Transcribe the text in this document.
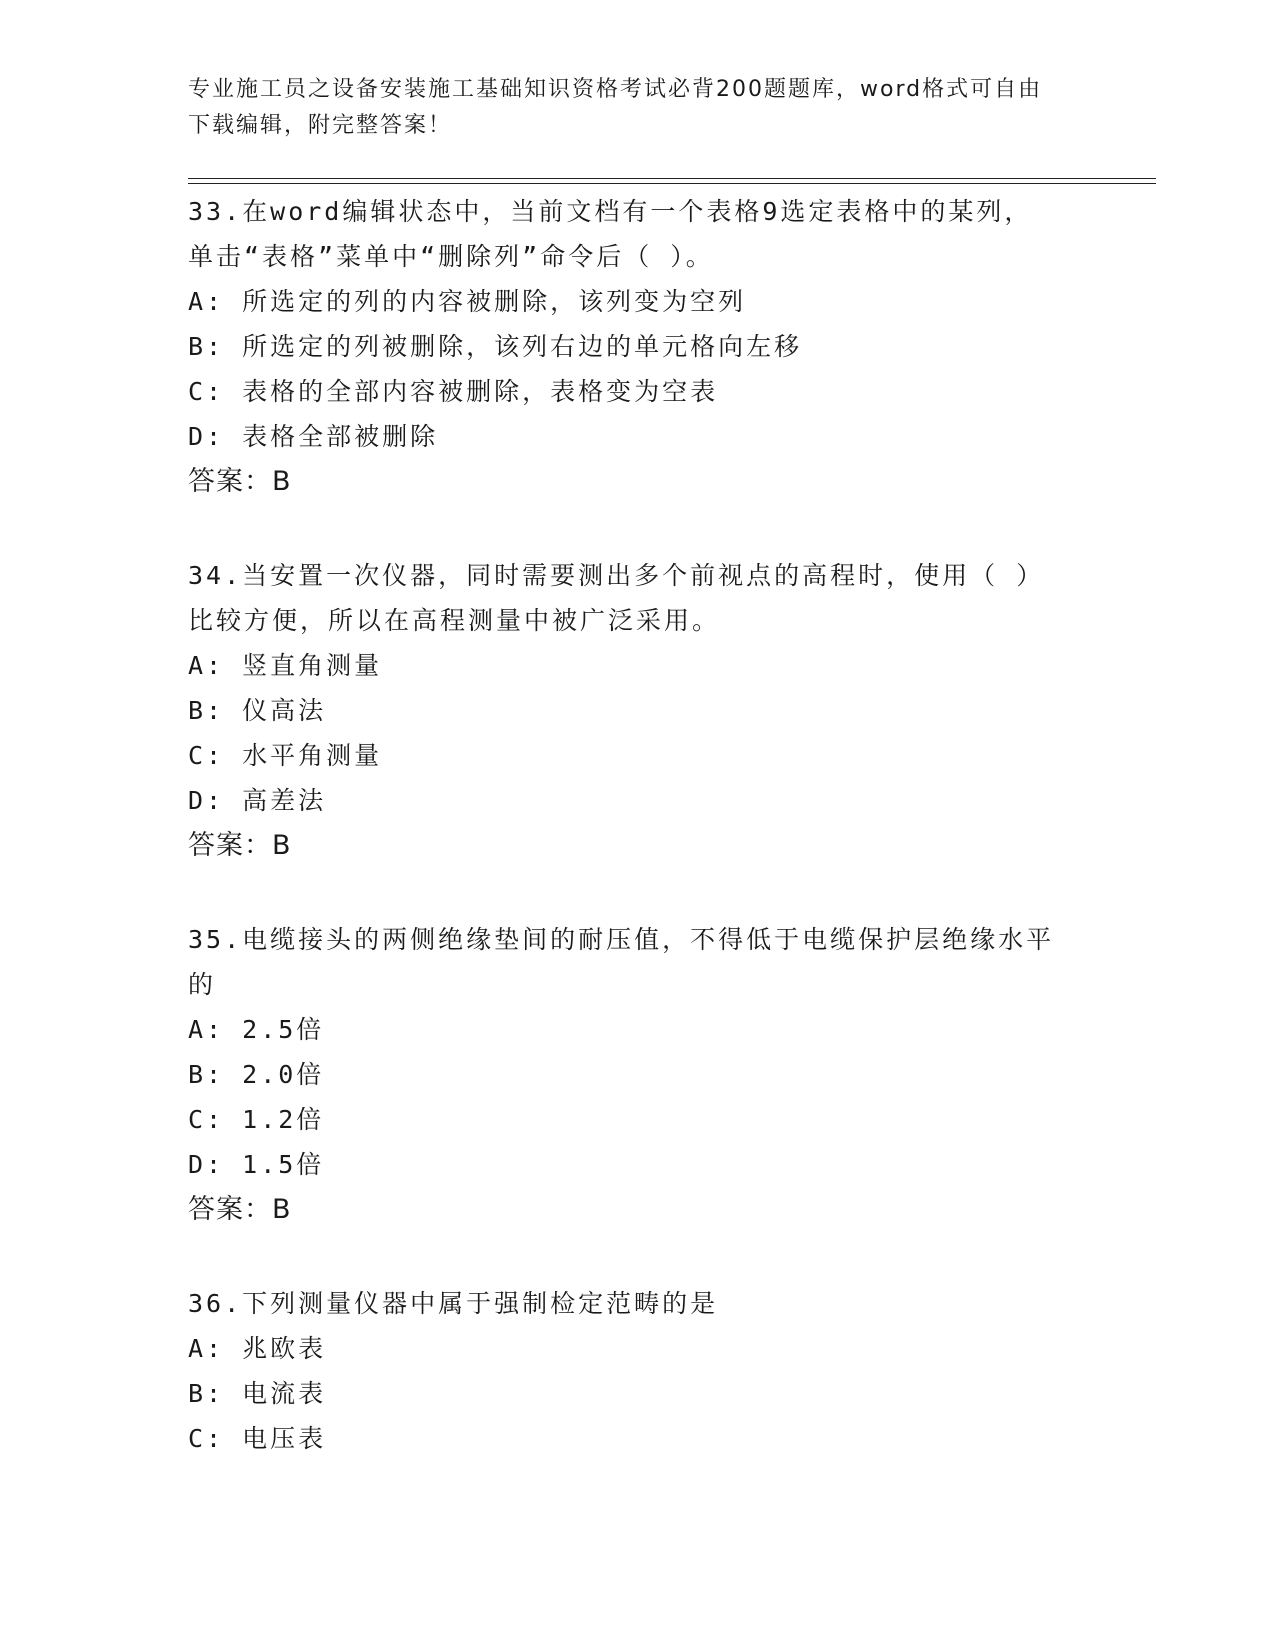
专业施工员之设备安装施工基础知识资格考试必背200题题库，word格式可自由
下载编辑，附完整答案！
33.在word编辑状态中，当前文档有一个表格9选定表格中的某列，
单击“表格”菜单中“删除列”命令后（ ）。
A: 所选定的列的内容被删除，该列变为空列
B: 所选定的列被删除，该列右边的单元格向左移
C: 表格的全部内容被删除，表格变为空表
D: 表格全部被删除
答案：B
34.当安置一次仪器，同时需要测出多个前视点的高程时，使用（ ）
比较方便，所以在高程测量中被广泛采用。
A: 竖直角测量
B: 仪高法
C: 水平角测量
D: 高差法
答案：B
35.电缆接头的两侧绝缘垫间的耐压值，不得低于电缆保护层绝缘水平
的
A: 2.5倍
B: 2.0倍
C: 1.2倍
D: 1.5倍
答案：B
36.下列测量仪器中属于强制检定范畴的是
A: 兆欧表
B: 电流表
C: 电压表
